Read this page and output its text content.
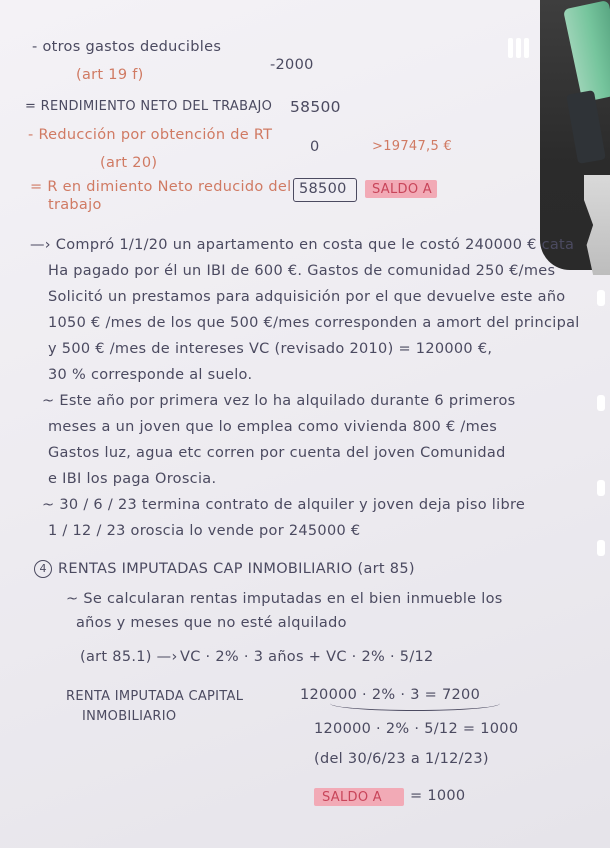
- otros gastos deducibles
-2000
(art 19 f)
= RENDIMIENTO NETO DEL TRABAJO 58500
- Reducción por obtención de RT
0	>19747,5 €
(art 20)
= R en dimiento Neto reducido del 58500 SALDO A
trabajo
—› Compró 1/1/20 un apartamento en costa que le costó 240000 € cata
Ha pagado por él un IBI de 600 €. Gastos de comunidad 250 €/mes
Solicitó un prestamos para adquisición por el que devuelve este año
1050 € /mes de los que 500 €/mes corresponden a amort del principal
y 500 € /mes de intereses VC (revisado 2010) = 120000 €,
30 % corresponde al suelo.
~ Este año por primera vez lo ha alquilado durante 6 primeros
meses a un joven que lo emplea como vivienda 800 € /mes
Gastos luz, agua etc corren por cuenta del joven Comunidad
e IBI los paga Oroscia.
~ 30 / 6 / 23 termina contrato de alquiler y joven deja piso libre
1 / 12 / 23 oroscia lo vende por 245000 €
4 RENTAS IMPUTADAS CAP INMOBILIARIO (art 85)
~ Se calcularan rentas imputadas en el bien inmueble los
años y meses que no esté alquilado
(art 85.1) —› VC · 2% · 3 años + VC · 2% · 5/12
RENTA IMPUTADA CAPITAL
INMOBILIARIO
120000 · 2% · 3 = 7200
120000 · 2% · 5/12 = 1000
(del 30/6/23 a 1/12/23)
SALDO A = 1000
